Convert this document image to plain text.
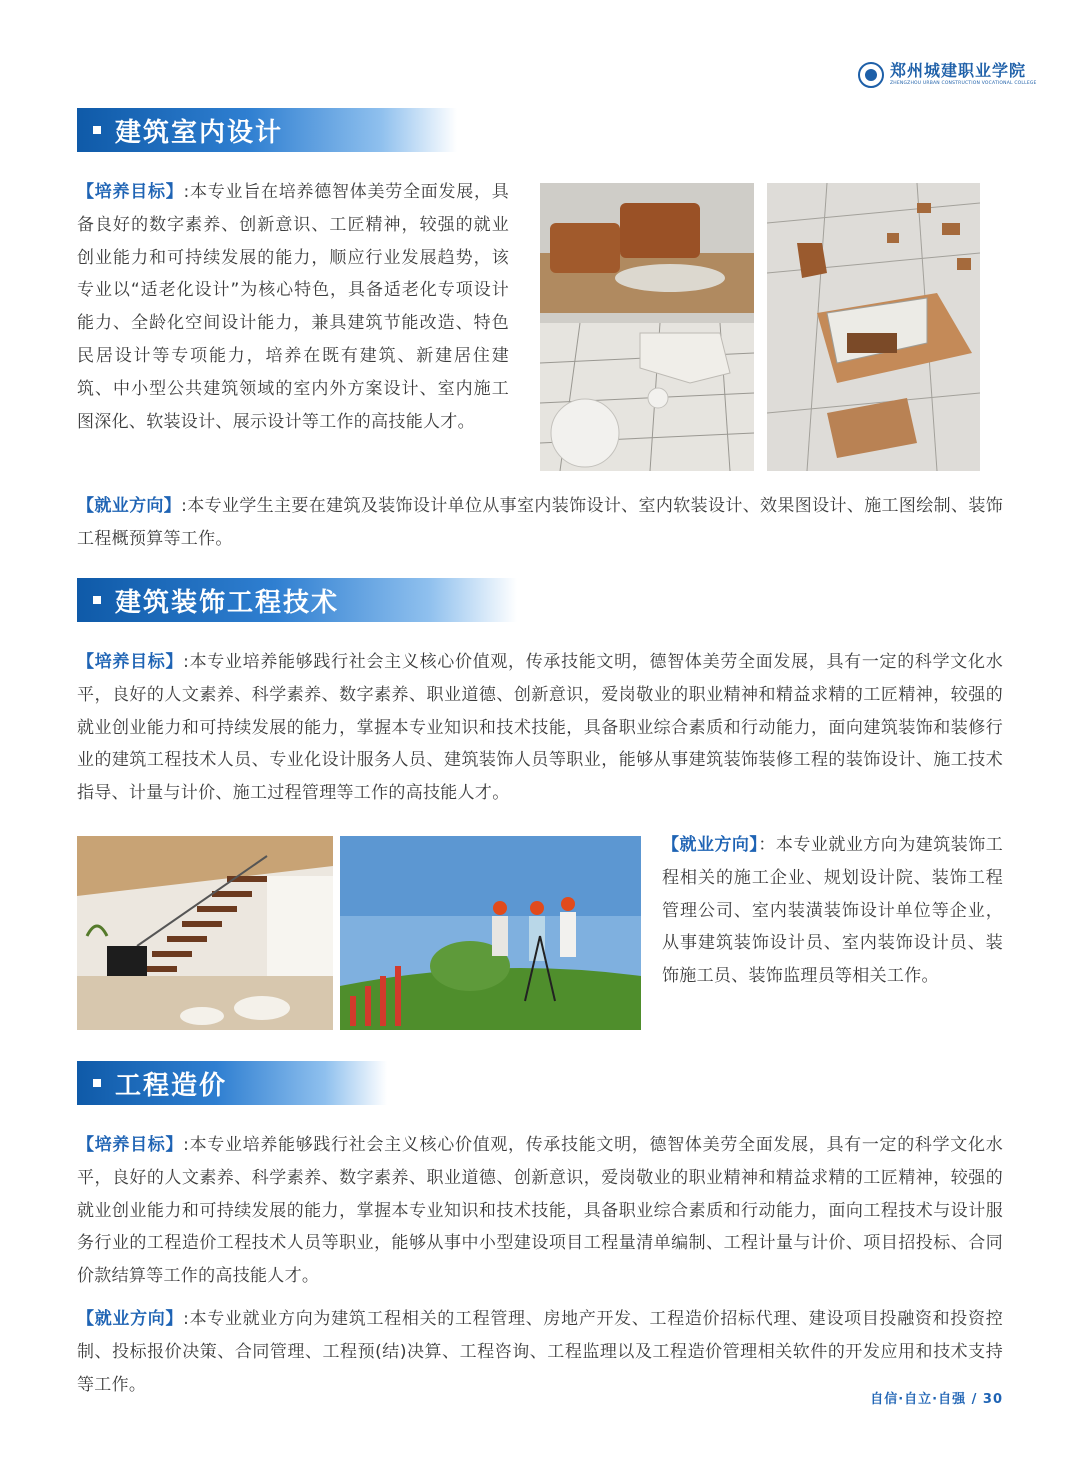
郑州城建职业学院
ZHENGZHOU URBAN CONSTRUCTION VOCATIONAL COLLEGE
建筑室内设计
【培养目标】:本专业旨在培养德智体美劳全面发展，具备良好的数字素养、创新意识、工匠精神，较强的就业创业能力和可持续发展的能力，顺应行业发展趋势，该专业以“适老化设计”为核心特色，具备适老化专项设计能力、全龄化空间设计能力，兼具建筑节能改造、特色民居设计等专项能力，培养在既有建筑、新建居住建筑、中小型公共建筑领域的室内外方案设计、室内施工图深化、软装设计、展示设计等工作的高技能人才。
【就业方向】:本专业学生主要在建筑及装饰设计单位从事室内装饰设计、室内软装设计、效果图设计、施工图绘制、装饰工程概预算等工作。
建筑装饰工程技术
【培养目标】:本专业培养能够践行社会主义核心价值观，传承技能文明，德智体美劳全面发展，具有一定的科学文化水平，良好的人文素养、科学素养、数字素养、职业道德、创新意识，爱岗敬业的职业精神和精益求精的工匠精神，较强的就业创业能力和可持续发展的能力，掌握本专业知识和技术技能，具备职业综合素质和行动能力，面向建筑装饰和装修行业的建筑工程技术人员、专业化设计服务人员、建筑装饰人员等职业，能够从事建筑装饰装修工程的装饰设计、施工技术指导、计量与计价、施工过程管理等工作的高技能人才。
【就业方向】：本专业就业方向为建筑装饰工程相关的施工企业、规划设计院、装饰工程管理公司、室内装潢装饰设计单位等企业，从事建筑装饰设计员、室内装饰设计员、装饰施工员、装饰监理员等相关工作。
工程造价
【培养目标】:本专业培养能够践行社会主义核心价值观，传承技能文明，德智体美劳全面发展，具有一定的科学文化水平，良好的人文素养、科学素养、数字素养、职业道德、创新意识，爱岗敬业的职业精神和精益求精的工匠精神，较强的就业创业能力和可持续发展的能力，掌握本专业知识和技术技能，具备职业综合素质和行动能力，面向工程技术与设计服务行业的工程造价工程技术人员等职业，能够从事中小型建设项目工程量清单编制、工程计量与计价、项目招投标、合同价款结算等工作的高技能人才。
【就业方向】:本专业就业方向为建筑工程相关的工程管理、房地产开发、工程造价招标代理、建设项目投融资和投资控制、投标报价决策、合同管理、工程预(结)决算、工程咨询、工程监理以及工程造价管理相关软件的开发应用和技术支持等工作。
自信·自立·自强 / 30
